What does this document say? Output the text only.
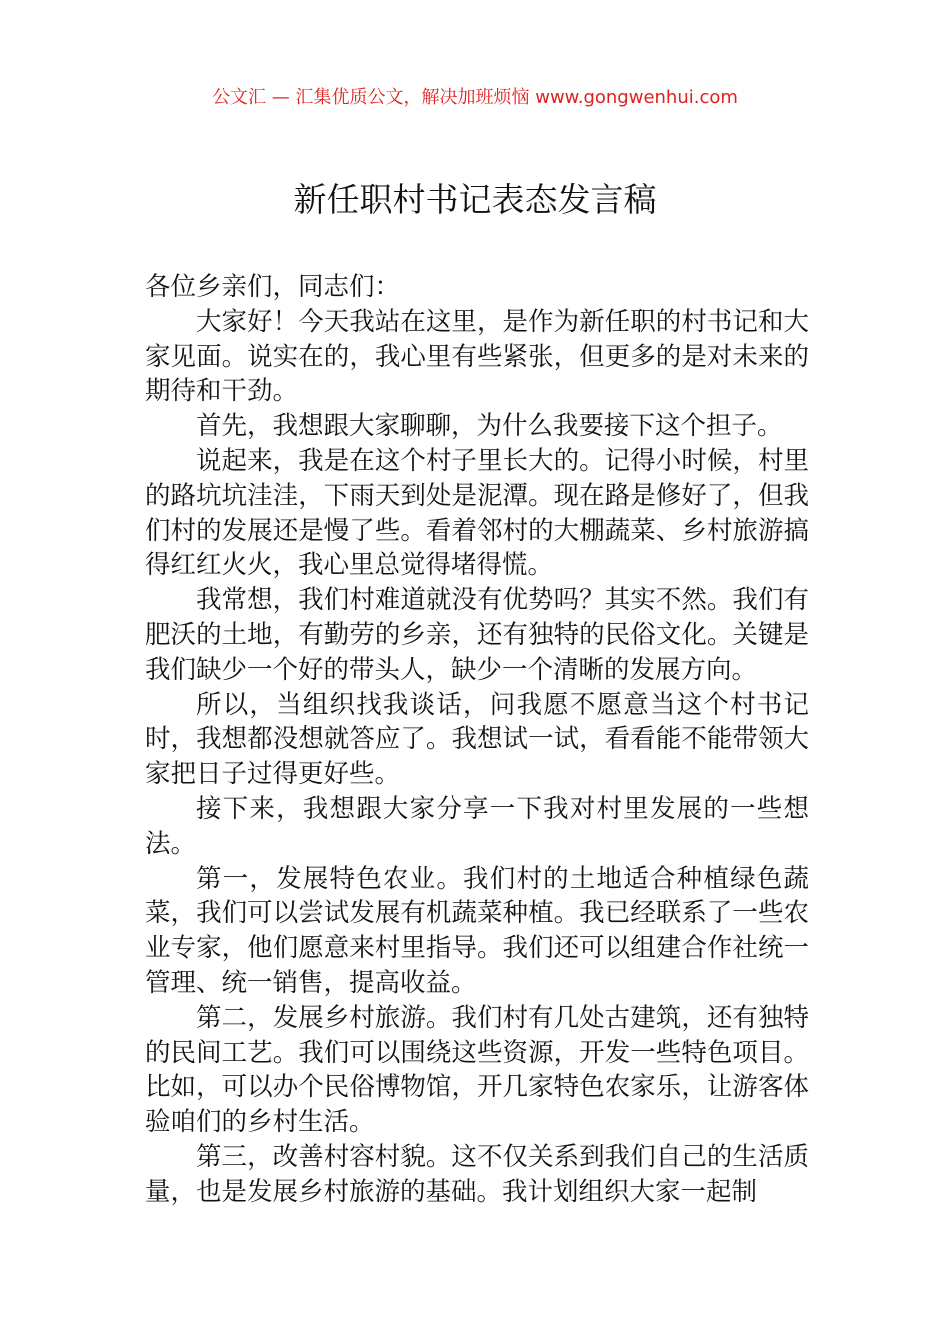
公文汇 — 汇集优质公文，解决加班烦恼 www.gongwenhui.com
新任职村书记表态发言稿

各位乡亲们，同志们：

大家好！今天我站在这里，是作为新任职的村书记和大家见面。说实在的，我心里有些紧张，但更多的是对未来的期待和干劲。

首先，我想跟大家聊聊，为什么我要接下这个担子。

说起来，我是在这个村子里长大的。记得小时候，村里的路坑坑洼洼，下雨天到处是泥潭。现在路是修好了，但我们村的发展还是慢了些。看着邻村的大棚蔬菜、乡村旅游搞得红红火火，我心里总觉得堵得慌。

我常想，我们村难道就没有优势吗？其实不然。我们有肥沃的土地，有勤劳的乡亲，还有独特的民俗文化。关键是我们缺少一个好的带头人，缺少一个清晰的发展方向。

所以，当组织找我谈话，问我愿不愿意当这个村书记时，我想都没想就答应了。我想试一试，看看能不能带领大家把日子过得更好些。

接下来，我想跟大家分享一下我对村里发展的一些想法。

第一，发展特色农业。我们村的土地适合种植绿色蔬菜，我们可以尝试发展有机蔬菜种植。我已经联系了一些农业专家，他们愿意来村里指导。我们还可以组建合作社统一管理、统一销售，提高收益。

第二，发展乡村旅游。我们村有几处古建筑，还有独特的民间工艺。我们可以围绕这些资源，开发一些特色项目。比如，可以办个民俗博物馆，开几家特色农家乐，让游客体验咱们的乡村生活。

第三，改善村容村貌。这不仅关系到我们自己的生活质量，也是发展乡村旅游的基础。我计划组织大家一起制
